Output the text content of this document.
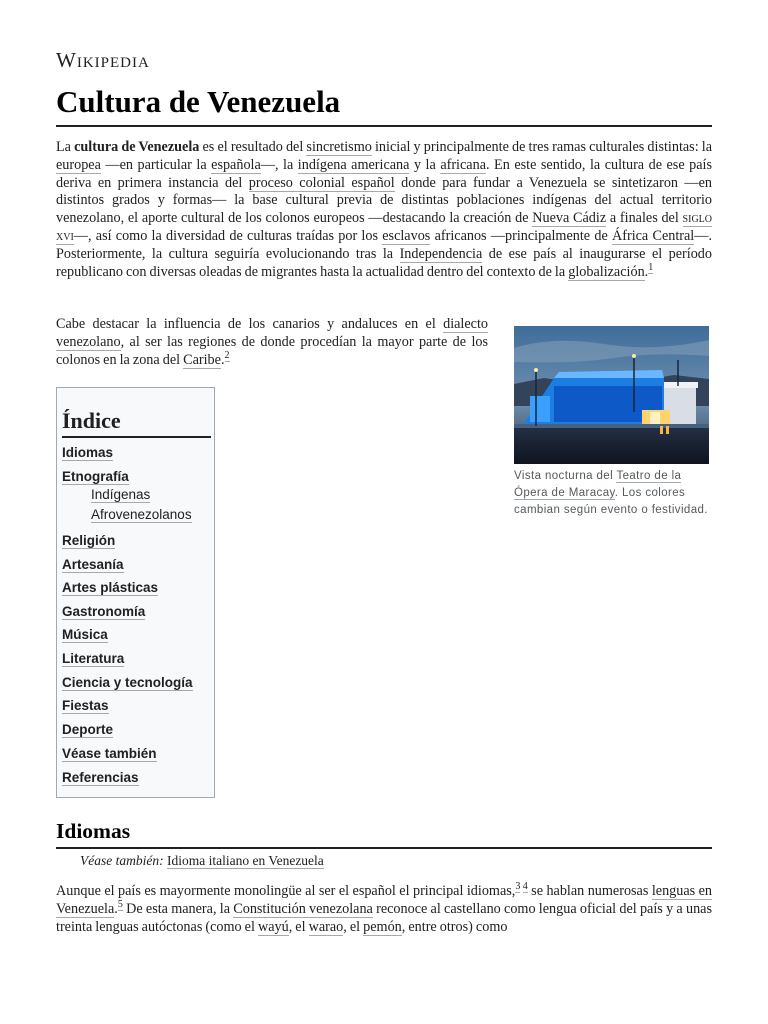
Wikipedia
Cultura de Venezuela

La cultura de Venezuela es el resultado del sincretismo inicial y principalmente de tres ramas culturales distintas: la europea —en particular la española—, la indígena americana y la africana. En este sentido, la cultura de ese país deriva en primera instancia del proceso colonial español donde para fundar a Venezuela se sintetizaron —en distintos grados y formas— la base cultural previa de distintas poblaciones indígenas del actual territorio venezolano, el aporte cultural de los colonos europeos —destacando la creación de Nueva Cádiz a finales del siglo xvi—, así como la diversidad de culturas traídas por los esclavos africanos —principalmente de África Central—. Posteriormente, la cultura seguiría evolucionando tras la Independencia de ese país al inaugurarse el período republicano con diversas oleadas de migrantes hasta la actualidad dentro del contexto de la globalización.$^1$

Cabe destacar la influencia de los canarios y andaluces en el dialecto venezolano, al ser las regiones de donde procedían la mayor parte de los colonos en la zona del Caribe.$^2$

Vista nocturna del Teatro de la Ópera de Maracay. Los colores cambian según evento o festividad.
Índice
Idiomas
Etnografía
Indígenas
Afrovenezolanos
Religión
Artesanía
Artes plásticas
Gastronomía
Música
Literatura
Ciencia y tecnología
Fiestas
Deporte
Véase también
Referencias
Idiomas
Véase también: Idioma italiano en Venezuela

Aunque el país es mayormente monolingüe al ser el español el principal idiomas,$^{3 4}$ se hablan numerosas lenguas en Venezuela.$^5$ De esta manera, la Constitución venezolana reconoce al castellano como lengua oficial del país y a unas treinta lenguas autóctonas (como el wayú, el warao, el pemón, entre otros) como
